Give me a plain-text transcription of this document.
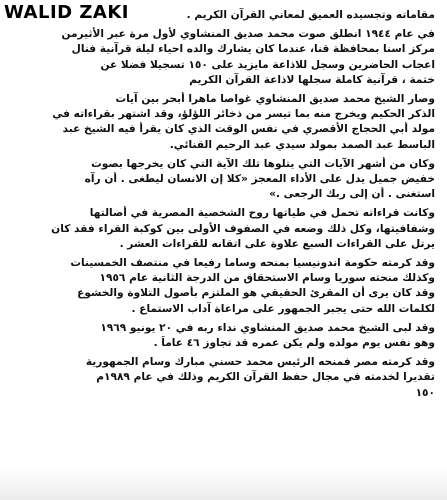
WALID ZAKI	مقاماته وتجسيده العميق لمعاني القرآن الكريم .
في عام ١٩٤٤ انطلق صوت محمد صديق المنشاوي لأول مرة عبر الأثيرمن
مركز اسنا بمحافظة قنا، عندما كان يشارك والده احياء ليلة قرآنية فنال
اعجاب الحاضرين وسجل للاذاعة مايزيد على ١٥٠ تسجيلا فضلا عن
ختمة ، قرآنية كاملة سجلها لاذاعة القرآن الكريم
وصار الشيخ محمد صديق المنشاوي غواصا ماهرا أبحر بين آيات
الذكر الحكيم ويخرج منه بما تيسر من ذخائر اللؤلؤ، وقد اشتهر بقراءاته في
مولد أبي الحجاج الأقصري في نفس الوقت الذي كان يقرأ فيه الشيخ عبد
الباسط عبد الصمد بمولد سيدي عبد الرحيم القنائي.
وكان من أشهر الآيات التي يتلوها تلك الآية التي كان يخرجها بصوت
خفيض جميل يدل على الأداء المعجز «كلا إن الانسان ليطغى . أن رآه
استغنى . أن إلى ربك الرجعى .»
وكانت قراءاته تحمل في طياتها روح الشخصية المصرية في أصالتها
وشفافيتها، وكل ذلك وضعه في الصفوف الأولى بين كوكبة القراء فقد كان
يرتل على القراءات السبع علاوة على اتقانه للقراءات العشر .
وقد كرمته حكومة اندونيسيا بمنحه وساما رفيعا في منتصف الخمسينات
وكذلك منحته سوريا وسام الاستحقاق من الدرجة الثانية عام ١٩٥٦
وقد كان يرى أن المقرئ الحقيقي هو الملتزم بأصول التلاوة والخشوع
لكلمات الله حتى يجبر الجمهور على مراعاة آداب الاستماع .
وقد لبى الشيخ محمد صديق المنشاوي نداء ربه في ٢٠ يونيو ١٩٦٩
وهو نفس يوم مولده ولم يكن عمره قد تجاوز ٤٦ عاماً .
وقد كرمته مصر فمنحه الرئيس محمد حسني مبارك وسام الجمهورية
تقديرا لخدمته في مجال حفظ القرآن الكريم وذلك في عام ١٩٨٩م
١٥٠
